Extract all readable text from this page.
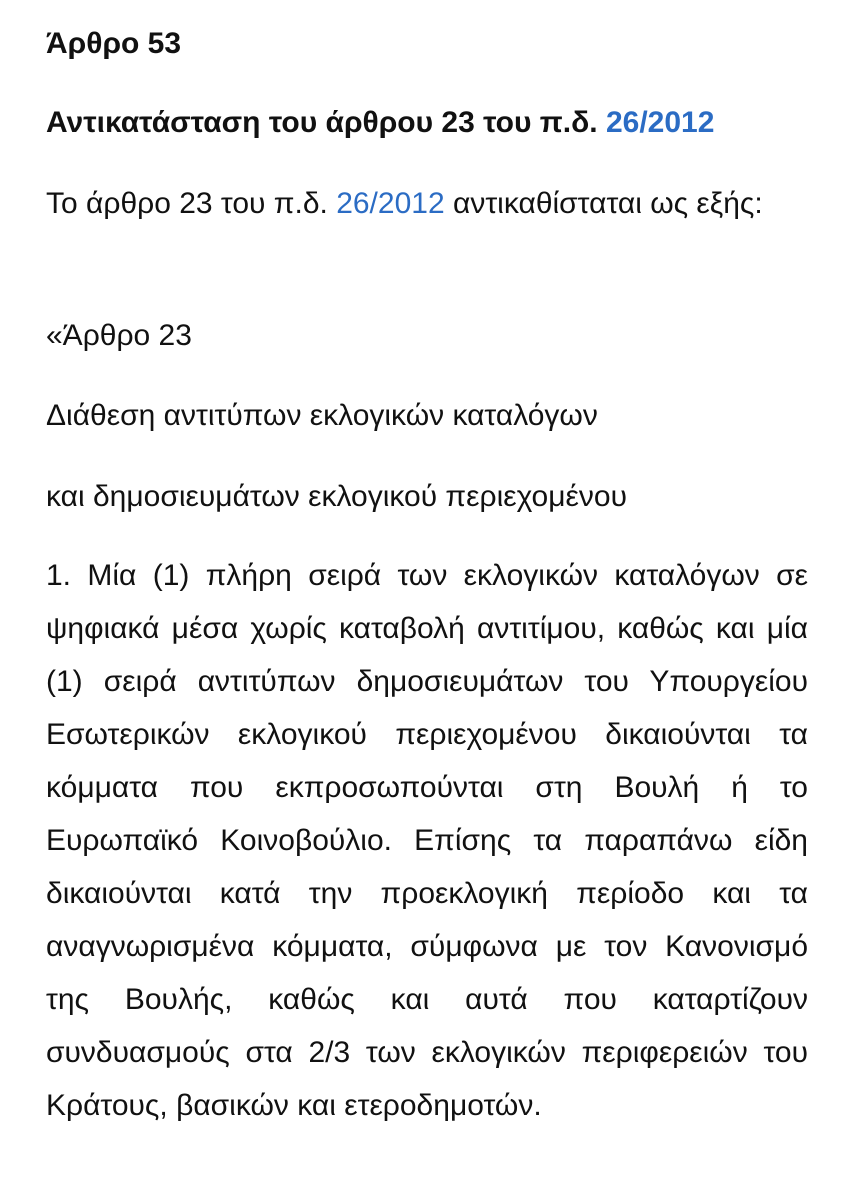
Άρθρο 53
Αντικατάσταση του άρθρου 23 του π.δ. 26/2012

Το άρθρο 23 του π.δ. 26/2012 αντικαθίσταται ως εξής:

«Άρθρο 23

Διάθεση αντιτύπων εκλογικών καταλόγων

και δημοσιευμάτων εκλογικού περιεχομένου

1. Μία (1) πλήρη σειρά των εκλογικών καταλόγων σε ψηφιακά μέσα χωρίς καταβολή αντιτίμου, καθώς και μία (1) σειρά αντιτύπων δημοσιευμάτων του Υπουργείου Εσωτερικών εκλογικού περιεχομένου δικαιούνται τα κόμματα που εκπροσωπούνται στη Βουλή ή το Ευρωπαϊκό Κοινοβούλιο. Επίσης τα παραπάνω είδη δικαιούνται κατά την προεκλογική περίοδο και τα αναγνωρισμένα κόμματα, σύμφωνα με τον Κανονισμό της Βουλής, καθώς και αυτά που καταρτίζουν συνδυασμούς στα 2/3 των εκλογικών περιφερειών του Κράτους, βασικών και ετεροδημοτών.
